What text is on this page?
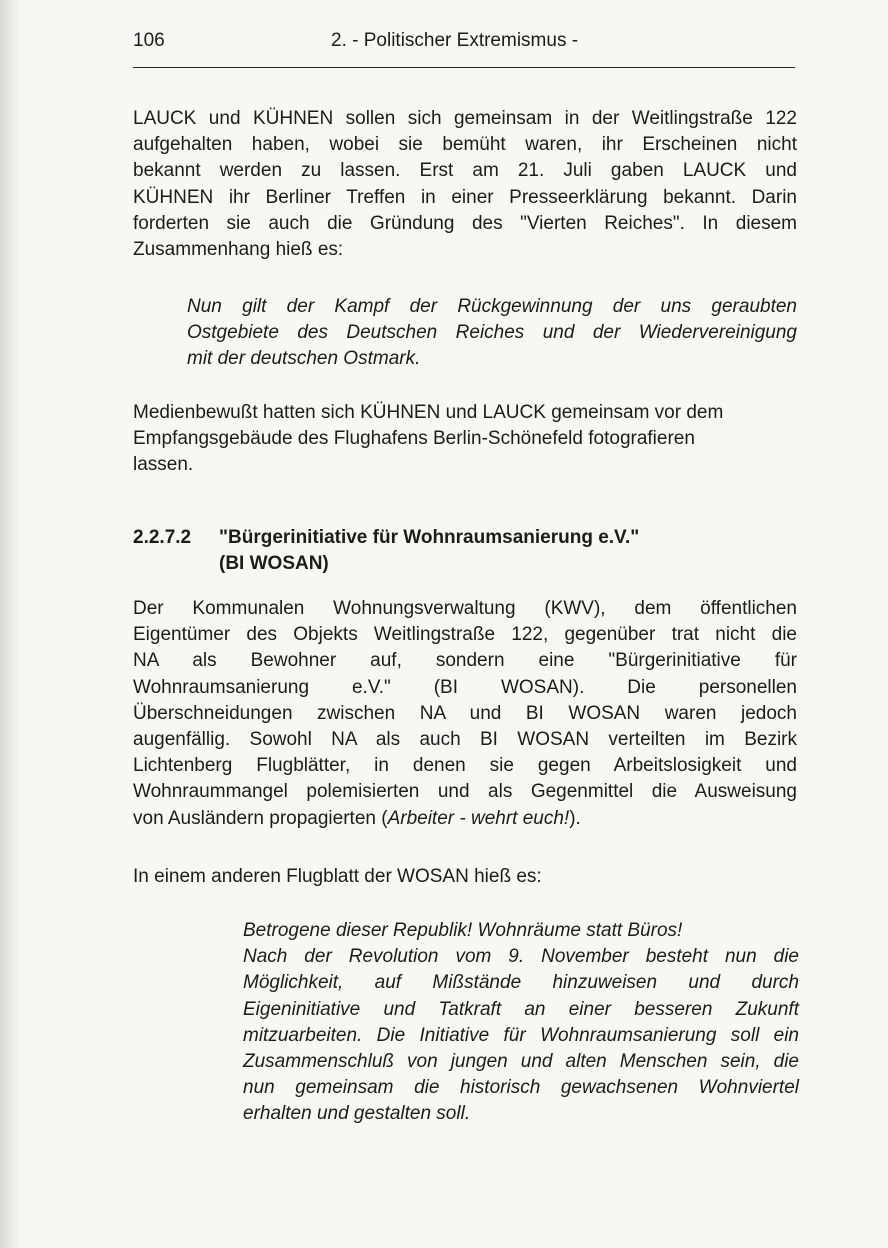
106	2. - Politischer Extremismus -

LAUCK und KÜHNEN sollen sich gemeinsam in der Weitlingstraße 122
aufgehalten haben, wobei sie bemüht waren, ihr Erscheinen nicht
bekannt werden zu lassen. Erst am 21. Juli gaben LAUCK und
KÜHNEN ihr Berliner Treffen in einer Presseerklärung bekannt. Darin
forderten sie auch die Gründung des "Vierten Reiches". In diesem
Zusammenhang hieß es:

Nun gilt der Kampf der Rückgewinnung der uns geraubten
Ostgebiete des Deutschen Reiches und der Wiedervereinigung
mit der deutschen Ostmark.

Medienbewußt hatten sich KÜHNEN und LAUCK gemeinsam vor dem
Empfangsgebäude des Flughafens Berlin-Schönefeld fotografieren
lassen.

2.2.7.2 "Bürgerinitiative für Wohnraumsanierung e.V."
(BI WOSAN)

Der Kommunalen Wohnungsverwaltung (KWV), dem öffentlichen
Eigentümer des Objekts Weitlingstraße 122, gegenüber trat nicht die
NA als Bewohner auf, sondern eine "Bürgerinitiative für
Wohnraumsanierung e.V." (BI WOSAN). Die personellen
Überschneidungen zwischen NA und BI WOSAN waren jedoch
augenfällig. Sowohl NA als auch BI WOSAN verteilten im Bezirk
Lichtenberg Flugblätter, in denen sie gegen Arbeitslosigkeit und
Wohnraummangel polemisierten und als Gegenmittel die Ausweisung
von Ausländern propagierten (Arbeiter - wehrt euch!).

In einem anderen Flugblatt der WOSAN hieß es:

Betrogene dieser Republik! Wohnräume statt Büros!
Nach der Revolution vom 9. November besteht nun die
Möglichkeit, auf Mißstände hinzuweisen und durch
Eigeninitiative und Tatkraft an einer besseren Zukunft
mitzuarbeiten. Die Initiative für Wohnraumsanierung soll ein
Zusammenschluß von jungen und alten Menschen sein, die
nun gemeinsam die historisch gewachsenen Wohnviertel
erhalten und gestalten soll.
